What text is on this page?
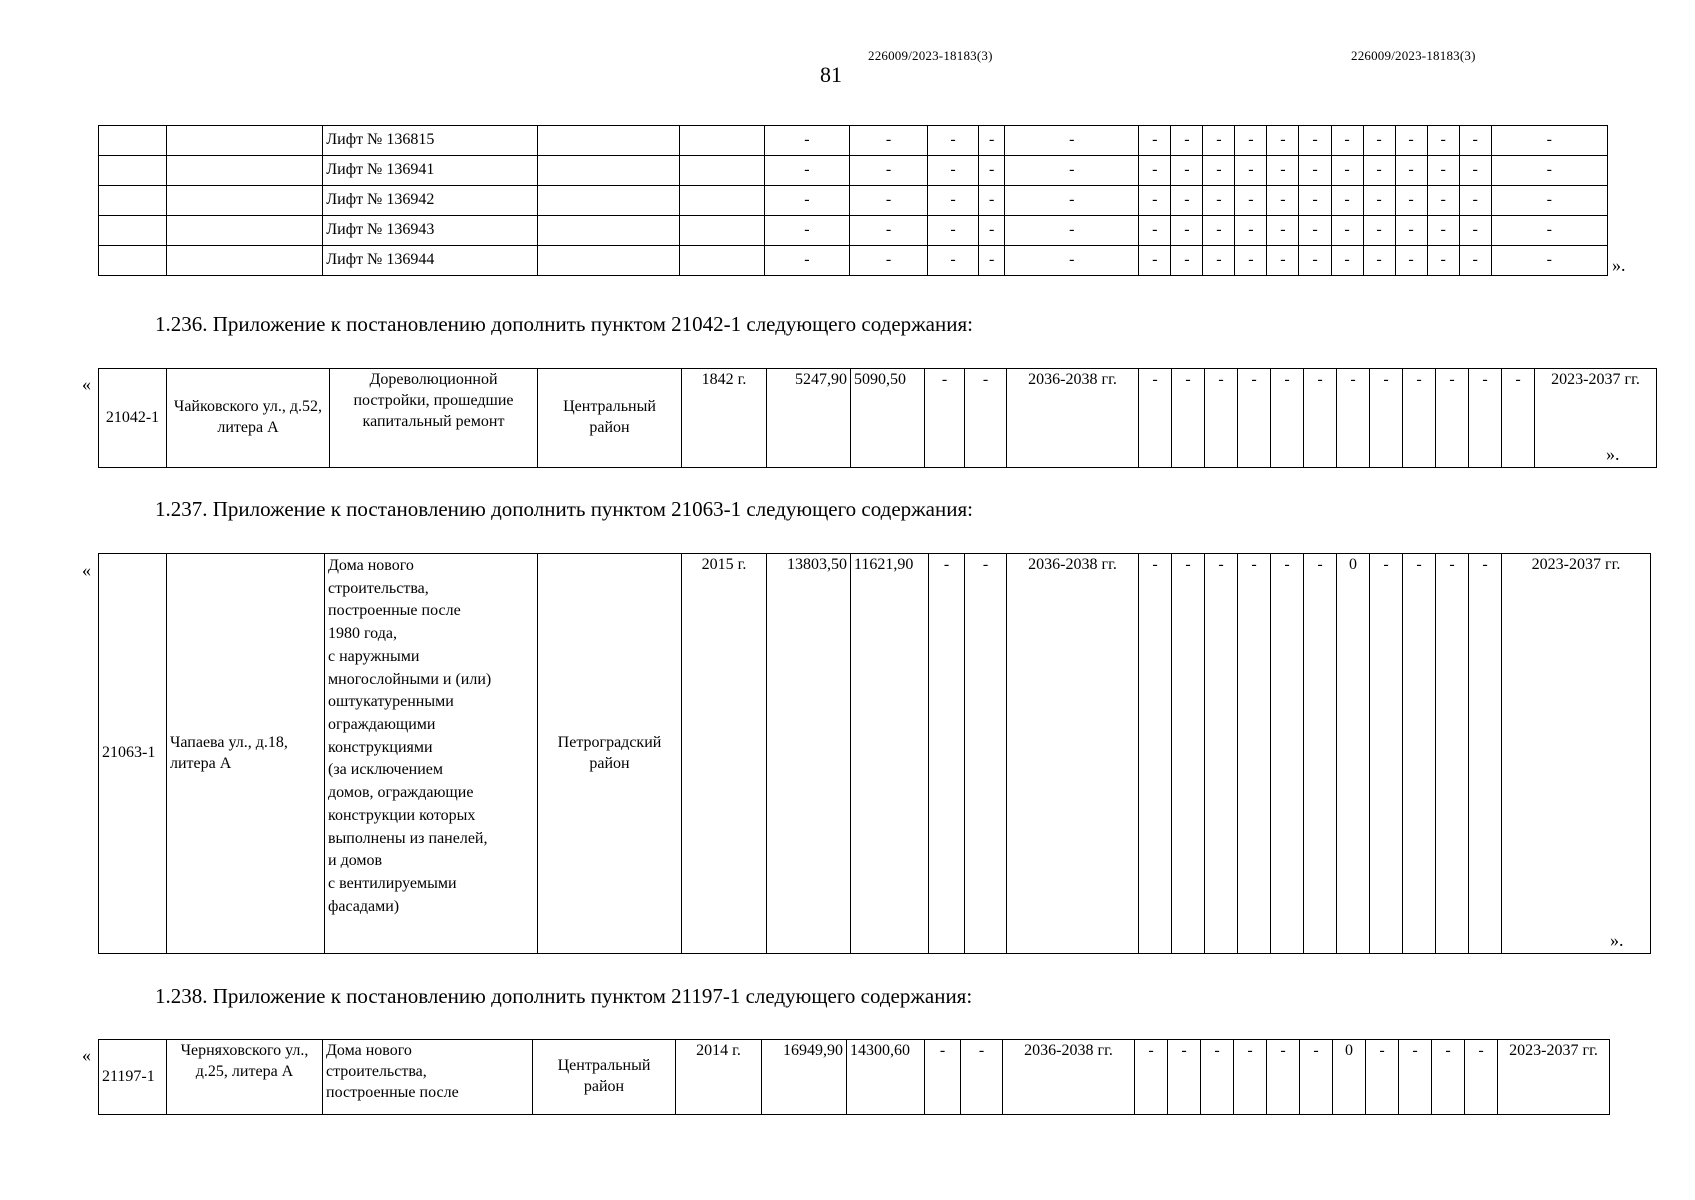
226009/2023-18183(3)	226009/2023-18183(3)
81
		Лифт № 136815			-	-	-	-	-	-	-	-	-	-	-	-	-	-	-	-	-
		Лифт № 136941			-	-	-	-	-	-	-	-	-	-	-	-	-	-	-	-	-
		Лифт № 136942			-	-	-	-	-	-	-	-	-	-	-	-	-	-	-	-	-
		Лифт № 136943			-	-	-	-	-	-	-	-	-	-	-	-	-	-	-	-	-
		Лифт № 136944			-	-	-	-	-	-	-	-	-	-	-	-	-	-	-	-	-	».
1.236. Приложение к постановлению дополнить пунктом 21042-1 следующего содержания:
«
21042-1	Чайковского ул., д.52, литера А	Дореволюционной постройки, прошедшие капитальный ремонт	Центральный район	1842 г.	5247,90	5090,50	-	-	2036-2038 гг.	-	-	-	-	-	-	-	-	-	-	-	-	2023-2037 гг.
».
1.237. Приложение к постановлению дополнить пунктом 21063-1 следующего содержания:
«
21063-1	Чапаева ул., д.18, литера А	Дома нового
строительства,
построенные после
1980 года,
с наружными
многослойными и (или)
оштукатуренными
ограждающими
конструкциями
(за исключением
домов, ограждающие
конструкции которых
выполнены из панелей,
и домов
с вентилируемыми
фасадами)	Петроградский район	2015 г.	13803,50	11621,90	-	-	2036-2038 гг.	-	-	-	-	-	-	0	-	-	-	-	2023-2037 гг.
».
1.238. Приложение к постановлению дополнить пунктом 21197-1 следующего содержания:
«
21197-1	Черняховского ул., д.25, литера А	Дома нового
строительства,
построенные после	Центральный район	2014 г.	16949,90	14300,60	-	-	2036-2038 гг.	-	-	-	-	-	-	0	-	-	-	-	2023-2037 гг.
